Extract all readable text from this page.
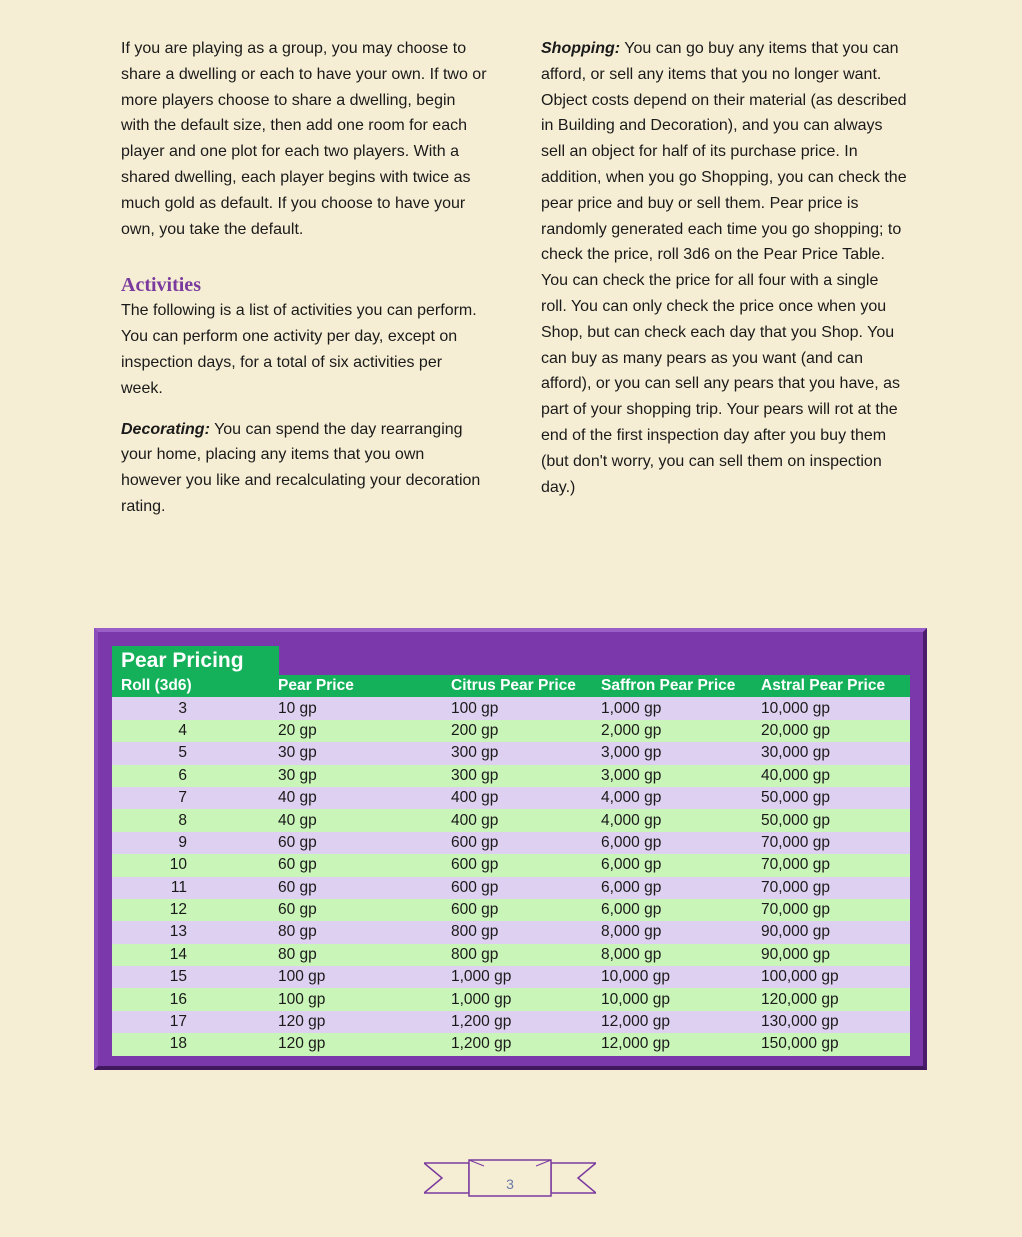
If you are playing as a group, you may choose to share a dwelling or each to have your own. If two or more players choose to share a dwelling, begin with the default size, then add one room for each player and one plot for each two players. With a shared dwelling, each player begins with twice as much gold as default. If you choose to have your own, you take the default.

Activities

The following is a list of activities you can perform. You can perform one activity per day, except on inspection days, for a total of six activities per week.

Decorating: You can spend the day rearranging your home, placing any items that you own however you like and recalculating your decoration rating.

Shopping: You can go buy any items that you can afford, or sell any items that you no longer want. Object costs depend on their material (as described in Building and Decoration), and you can always sell an object for half of its purchase price. In addition, when you go Shopping, you can check the pear price and buy or sell them. Pear price is randomly generated each time you go shopping; to check the price, roll 3d6 on the Pear Price Table. You can check the price for all four with a single roll. You can only check the price once when you Shop, but can check each day that you Shop. You can buy as many pears as you want (and can afford), or you can sell any pears that you have, as part of your shopping trip. Your pears will rot at the end of the first inspection day after you buy them (but don't worry, you can sell them on inspection day.)

Pear Pricing
Roll (3d6)	Pear Price	Citrus Pear Price	Saffron Pear Price	Astral Pear Price
3	10 gp	100 gp	1,000 gp	10,000 gp
4	20 gp	200 gp	2,000 gp	20,000 gp
5	30 gp	300 gp	3,000 gp	30,000 gp
6	30 gp	300 gp	3,000 gp	40,000 gp
7	40 gp	400 gp	4,000 gp	50,000 gp
8	40 gp	400 gp	4,000 gp	50,000 gp
9	60 gp	600 gp	6,000 gp	70,000 gp
10	60 gp	600 gp	6,000 gp	70,000 gp
11	60 gp	600 gp	6,000 gp	70,000 gp
12	60 gp	600 gp	6,000 gp	70,000 gp
13	80 gp	800 gp	8,000 gp	90,000 gp
14	80 gp	800 gp	8,000 gp	90,000 gp
15	100 gp	1,000 gp	10,000 gp	100,000 gp
16	100 gp	1,000 gp	10,000 gp	120,000 gp
17	120 gp	1,200 gp	12,000 gp	130,000 gp
18	120 gp	1,200 gp	12,000 gp	150,000 gp
3
